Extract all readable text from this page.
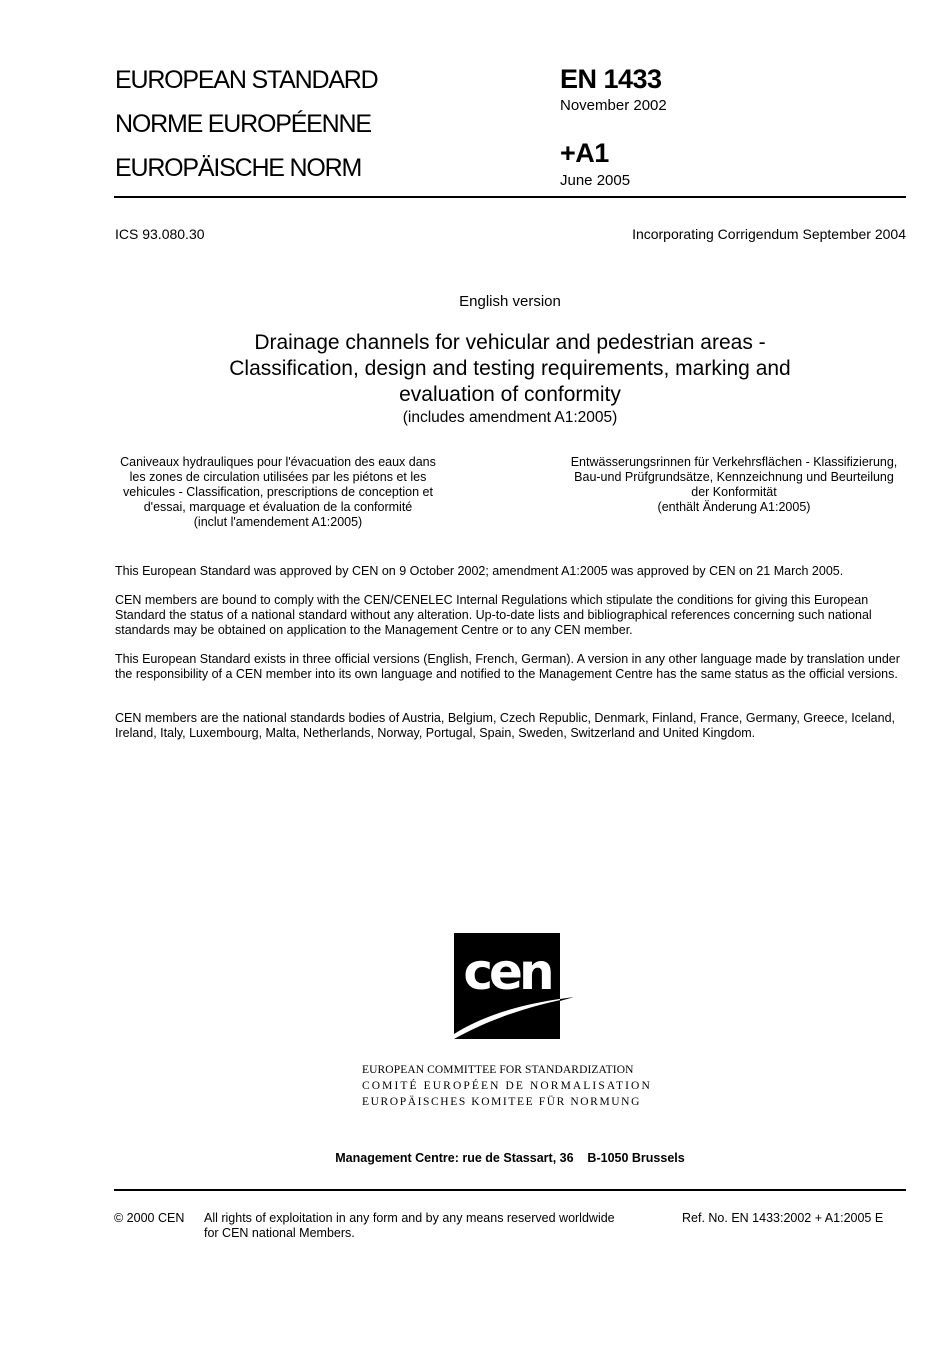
EUROPEAN STANDARD
NORME EUROPÉENNE
EUROPÄISCHE NORM
EN 1433
November 2002
+A1
June 2005
ICS 93.080.30	Incorporating Corrigendum September 2004
English version
Drainage channels for vehicular and pedestrian areas -
Classification, design and testing requirements, marking and
evaluation of conformity
(includes amendment A1:2005)
Caniveaux hydrauliques pour l'évacuation des eaux dans
les zones de circulation utilisées par les piétons et les
vehicules - Classification, prescriptions de conception et
d'essai, marquage et évaluation de la conformité
(inclut l'amendement A1:2005)
Entwässerungsrinnen für Verkehrsflächen - Klassifizierung,
Bau-und Prüfgrundsätze, Kennzeichnung und Beurteilung
der Konformität
(enthält Änderung A1:2005)
This European Standard was approved by CEN on 9 October 2002; amendment A1:2005 was approved by CEN on 21 March 2005.
CEN members are bound to comply with the CEN/CENELEC Internal Regulations which stipulate the conditions for giving this European Standard the status of a national standard without any alteration. Up-to-date lists and bibliographical references concerning such national standards may be obtained on application to the Management Centre or to any CEN member.
This European Standard exists in three official versions (English, French, German). A version in any other language made by translation under the responsibility of a CEN member into its own language and notified to the Management Centre has the same status as the official versions.
CEN members are the national standards bodies of Austria, Belgium, Czech Republic, Denmark, Finland, France, Germany, Greece, Iceland, Ireland, Italy, Luxembourg, Malta, Netherlands, Norway, Portugal, Spain, Sweden, Switzerland and United Kingdom.
cen
EUROPEAN COMMITTEE FOR STANDARDIZATION
COMITÉ EUROPÉEN DE NORMALISATION
EUROPÄISCHES KOMITEE FÜR NORMUNG
Management Centre: rue de Stassart, 36    B-1050 Brussels
© 2000 CEN All rights of exploitation in any form and by any means reserved worldwide
for CEN national Members.
Ref. No. EN 1433:2002 + A1:2005 E
